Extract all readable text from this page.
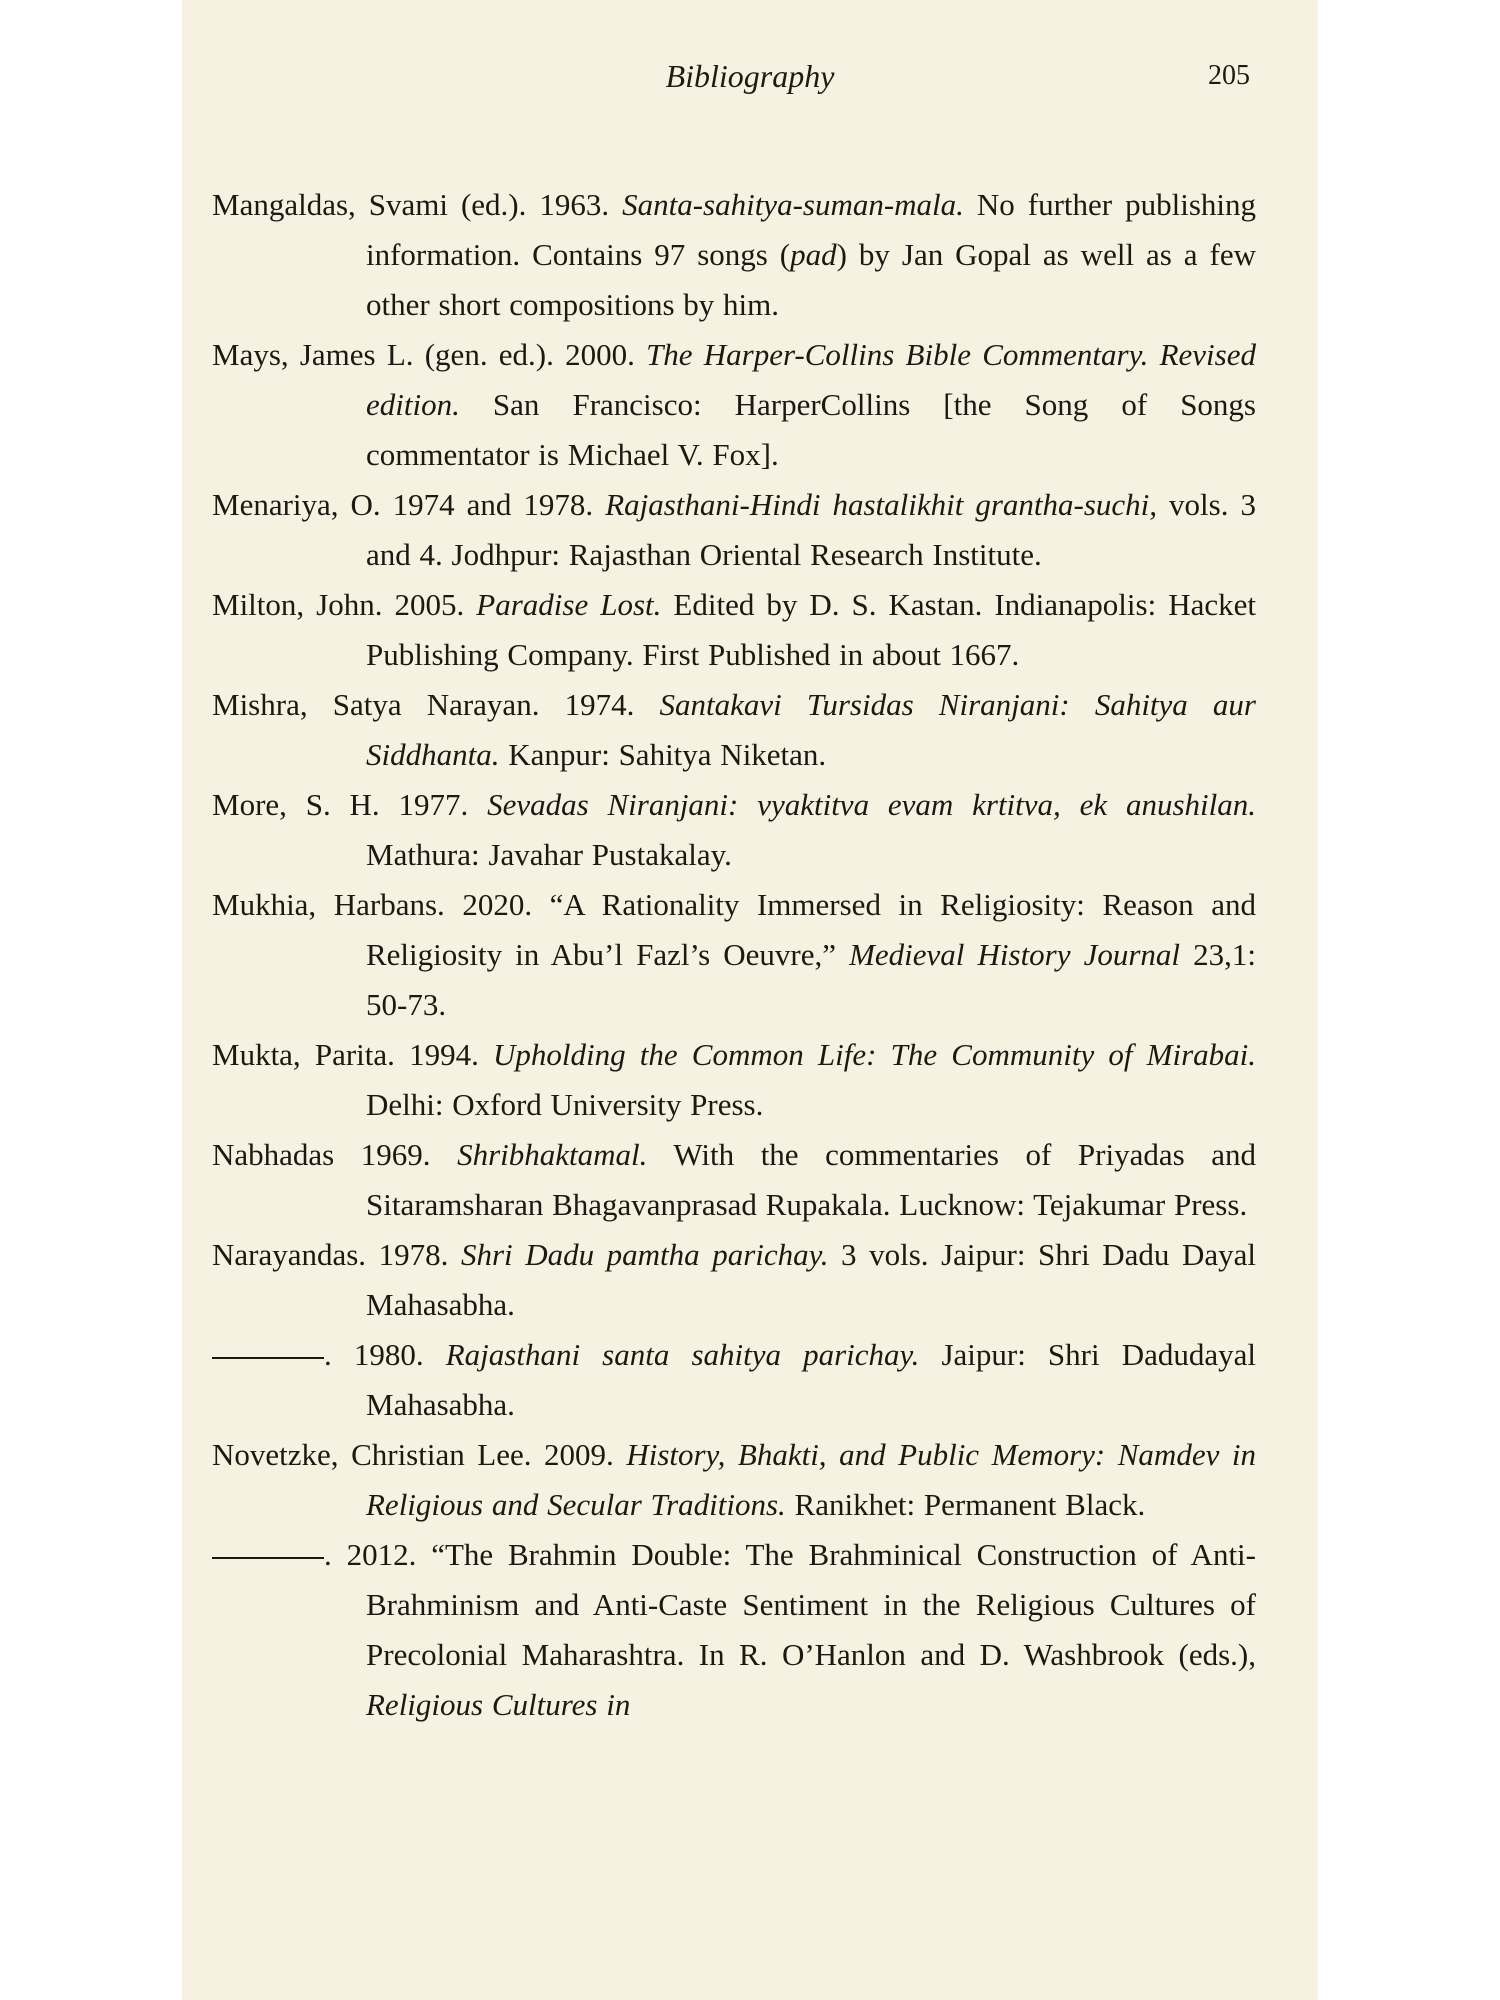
Bibliography	205

Mangaldas, Svami (ed.). 1963. Santa-sahitya-suman-mala. No further publishing information. Contains 97 songs (pad) by Jan Gopal as well as a few other short compositions by him.

Mays, James L. (gen. ed.). 2000. The Harper-Collins Bible Commentary. Revised edition. San Francisco: HarperCollins [the Song of Songs commentator is Michael V. Fox].

Menariya, O. 1974 and 1978. Rajasthani-Hindi hastalikhit grantha-suchi, vols. 3 and 4. Jodhpur: Rajasthan Oriental Research Institute.

Milton, John. 2005. Paradise Lost. Edited by D. S. Kastan. Indianapolis: Hacket Publishing Company. First Published in about 1667.

Mishra, Satya Narayan. 1974. Santakavi Tursidas Niranjani: Sahitya aur Siddhanta. Kanpur: Sahitya Niketan.

More, S. H. 1977. Sevadas Niranjani: vyaktitva evam krtitva, ek anushilan. Mathura: Javahar Pustakalay.

Mukhia, Harbans. 2020. “A Rationality Immersed in Religiosity: Reason and Religiosity in Abu’l Fazl’s Oeuvre,” Medieval History Journal 23,1: 50-73.

Mukta, Parita. 1994. Upholding the Common Life: The Community of Mirabai. Delhi: Oxford University Press.

Nabhadas 1969. Shribhaktamal. With the commentaries of Priyadas and Sitaramsharan Bhagavanprasad Rupakala. Lucknow: Tejakumar Press.

Narayandas. 1978. Shri Dadu pamtha parichay. 3 vols. Jaipur: Shri Dadu Dayal Mahasabha.

. 1980. Rajasthani santa sahitya parichay. Jaipur: Shri Dadudayal Mahasabha.

Novetzke, Christian Lee. 2009. History, Bhakti, and Public Memory: Namdev in Religious and Secular Traditions. Ranikhet: Permanent Black.

. 2012. “The Brahmin Double: The Brahminical Construction of Anti-Brahminism and Anti-Caste Sentiment in the Religious Cultures of Precolonial Maharashtra. In R. O’Hanlon and D. Washbrook (eds.), Religious Cultures in
